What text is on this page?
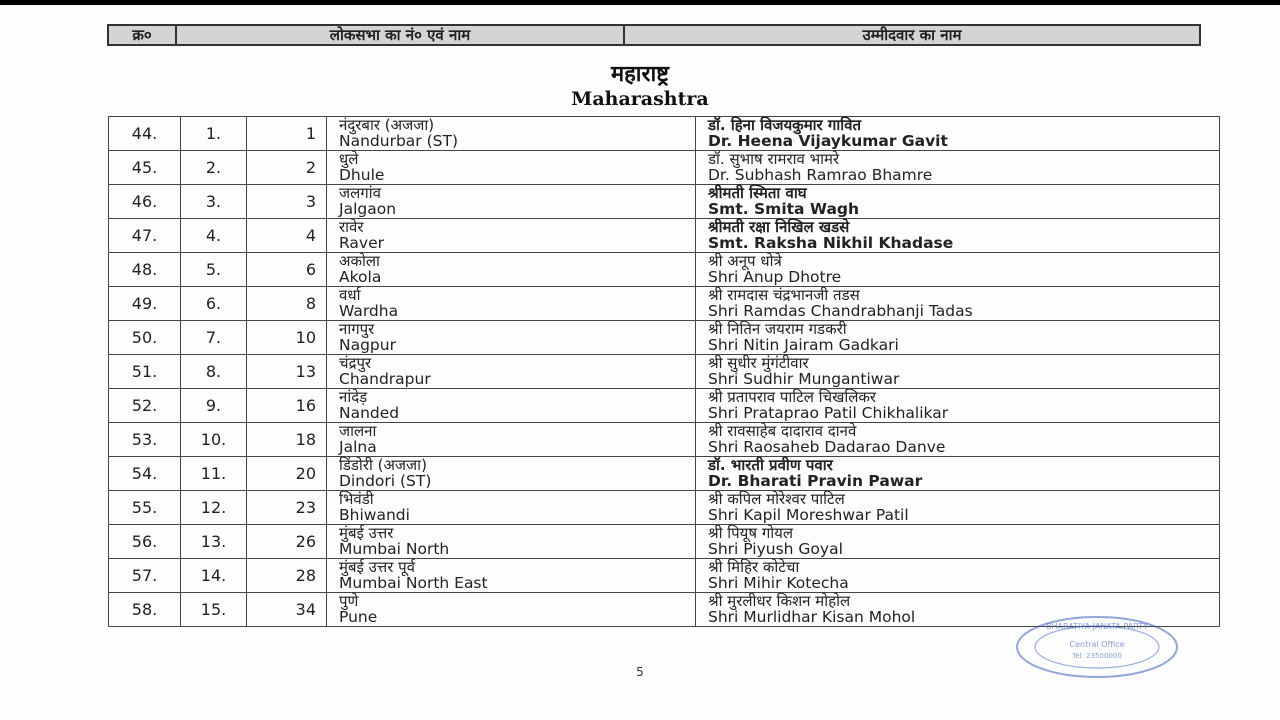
क्र०	लोकसभा का नं० एवं नाम	उम्मीदवार का नाम
महाराष्ट्र
Maharashtra
44.	1.	1	नंदुरबार (अजजा)
Nandurbar (ST)	डॉ. हिना विजयकुमार गावित
Dr. Heena Vijaykumar Gavit

45.	2.	2	धुले
Dhule	डॉ. सुभाष रामराव भामरे
Dr. Subhash Ramrao Bhamre

46.	3.	3	जलगांव
Jalgaon	श्रीमती स्मिता वाघ
Smt. Smita Wagh

47.	4.	4	रावेर
Raver	श्रीमती रक्षा निखिल खडसे
Smt. Raksha Nikhil Khadase

48.	5.	6	अकोला
Akola	श्री अनूप धोत्रे
Shri Anup Dhotre

49.	6.	8	वर्धा
Wardha	श्री रामदास चंद्रभानजी तडस
Shri Ramdas Chandrabhanji Tadas

50.	7.	10	नागपुर
Nagpur	श्री नितिन जयराम गडकरी
Shri Nitin Jairam Gadkari

51.	8.	13	चंद्रपुर
Chandrapur	श्री सुधीर मुंगंटीवार
Shri Sudhir Mungantiwar

52.	9.	16	नांदेड़
Nanded	श्री प्रतापराव पाटिल चिखलिकर
Shri Prataprao Patil Chikhalikar

53.	10.	18	जालना
Jalna	श्री रावसाहेब दादाराव दानवे
Shri Raosaheb Dadarao Danve

54.	11.	20	डिंडोरी (अजजा)
Dindori (ST)	डॉ. भारती प्रवीण पवार
Dr. Bharati Pravin Pawar

55.	12.	23	भिवंडी
Bhiwandi	श्री कपिल मोरेश्वर पाटिल
Shri Kapil Moreshwar Patil

56.	13.	26	मुंबई उत्तर
Mumbai North	श्री पियूष गोयल
Shri Piyush Goyal

57.	14.	28	मुंबई उत्तर पूर्व
Mumbai North East	श्री मिहिर कोटेचा
Shri Mihir Kotecha

58.	15.	34	पुणे
Pune	श्री मुरलीधर किशन मोहोल
Shri Murlidhar Kisan Mohol
BHARATIYA JANATA PARTY
Central Office
Tel: 23500000
5
